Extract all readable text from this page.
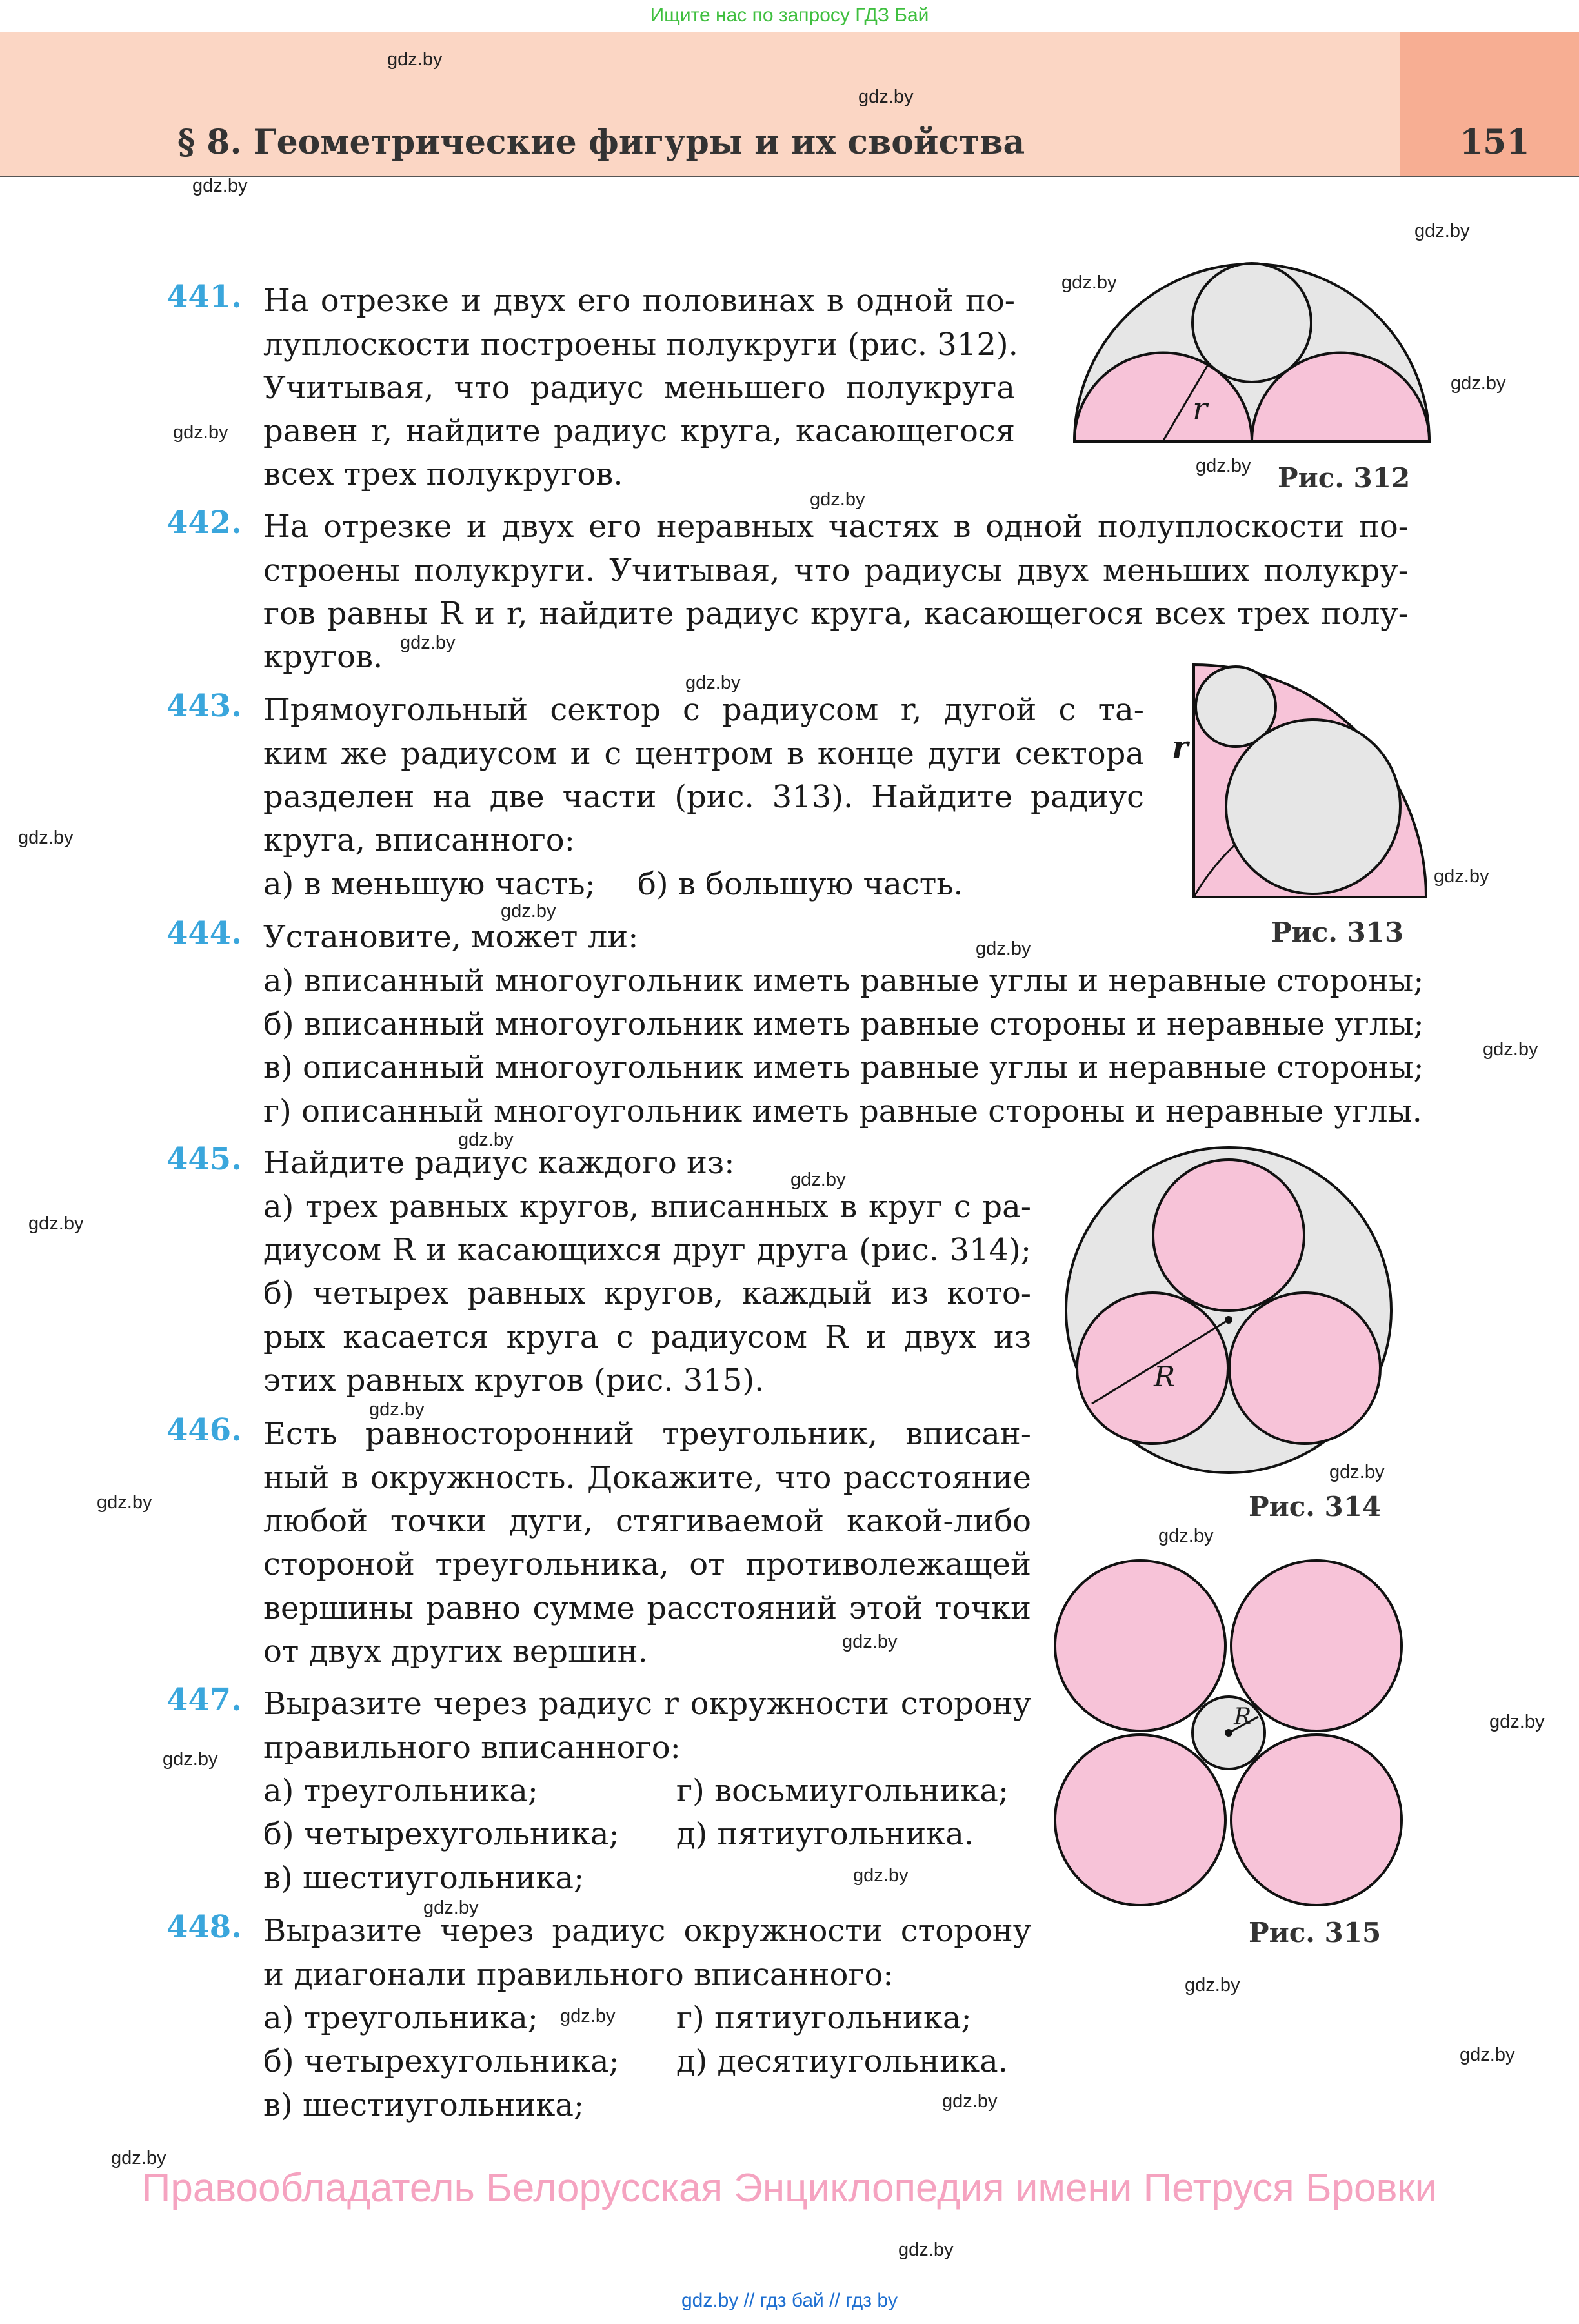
Ищите нас по запросу ГДЗ Бай
§ 8. Геометрические фигуры и их свойства	151
gdz.by
gdz.by
gdz.by
gdz.by
gdz.by
gdz.by
gdz.by
gdz.by
gdz.by
gdz.by
gdz.by
gdz.by
gdz.by
gdz.by
gdz.by
gdz.by
gdz.by
gdz.by
gdz.by
gdz.by
gdz.by
gdz.by
gdz.by
gdz.by
gdz.by
gdz.by
gdz.by
gdz.by
gdz.by
gdz.by
gdz.by
gdz.by
gdz.by
gdz.by
441. На отрезке и двух его половинах в одной по-
луплоскости построены полукруги (рис. 312).
Учитывая, что радиус меньшего полукруга
равен r, найдите радиус круга, касающегося
всех трех полукругов.
442. На отрезке и двух его неравных частях в одной полуплоскости по-
строены полукруги. Учитывая, что радиусы двух меньших полукру-
гов равны R и r, найдите радиус круга, касающегося всех трех полу-
кругов.
443. Прямоугольный сектор с радиусом r, дугой с та-
ким же радиусом и с центром в конце дуги сектора
разделен на две части (рис. 313). Найдите радиус
круга, вписанного:
а) в меньшую часть; б) в большую часть.
444. Установите, может ли:
а) вписанный многоугольник иметь равные углы и неравные стороны;
б) вписанный многоугольник иметь равные стороны и неравные углы;
в) описанный многоугольник иметь равные углы и неравные стороны;
г) описанный многоугольник иметь равные стороны и неравные углы.
445. Найдите радиус каждого из:
а) трех равных кругов, вписанных в круг с ра-
диусом R и касающихся друг друга (рис. 314);
б) четырех равных кругов, каждый из кото-
рых касается круга с радиусом R и двух из
этих равных кругов (рис. 315).
446. Есть равносторонний треугольник, вписан-
ный в окружность. Докажите, что расстояние
любой точки дуги, стягиваемой какой-либо
стороной треугольника, от противолежащей
вершины равно сумме расстояний этой точки
от двух других вершин.
447. Выразите через радиус r окружности сторону
правильного вписанного:
а) треугольника;
б) четырехугольника;
в) шестиугольника;
г) восьмиугольника;
д) пятиугольника.
448. Выразите через радиус окружности сторону
и диагонали правильного вписанного:
а) треугольника;
б) четырехугольника;
в) шестиугольника;
г) пятиугольника;
д) десятиугольника.
r
Рис. 312
r
Рис. 313
R
Рис. 314
R
Рис. 315
Правообладатель Белорусская Энциклопедия имени Петруся Бровки
gdz.by // гдз бай // гдз by
